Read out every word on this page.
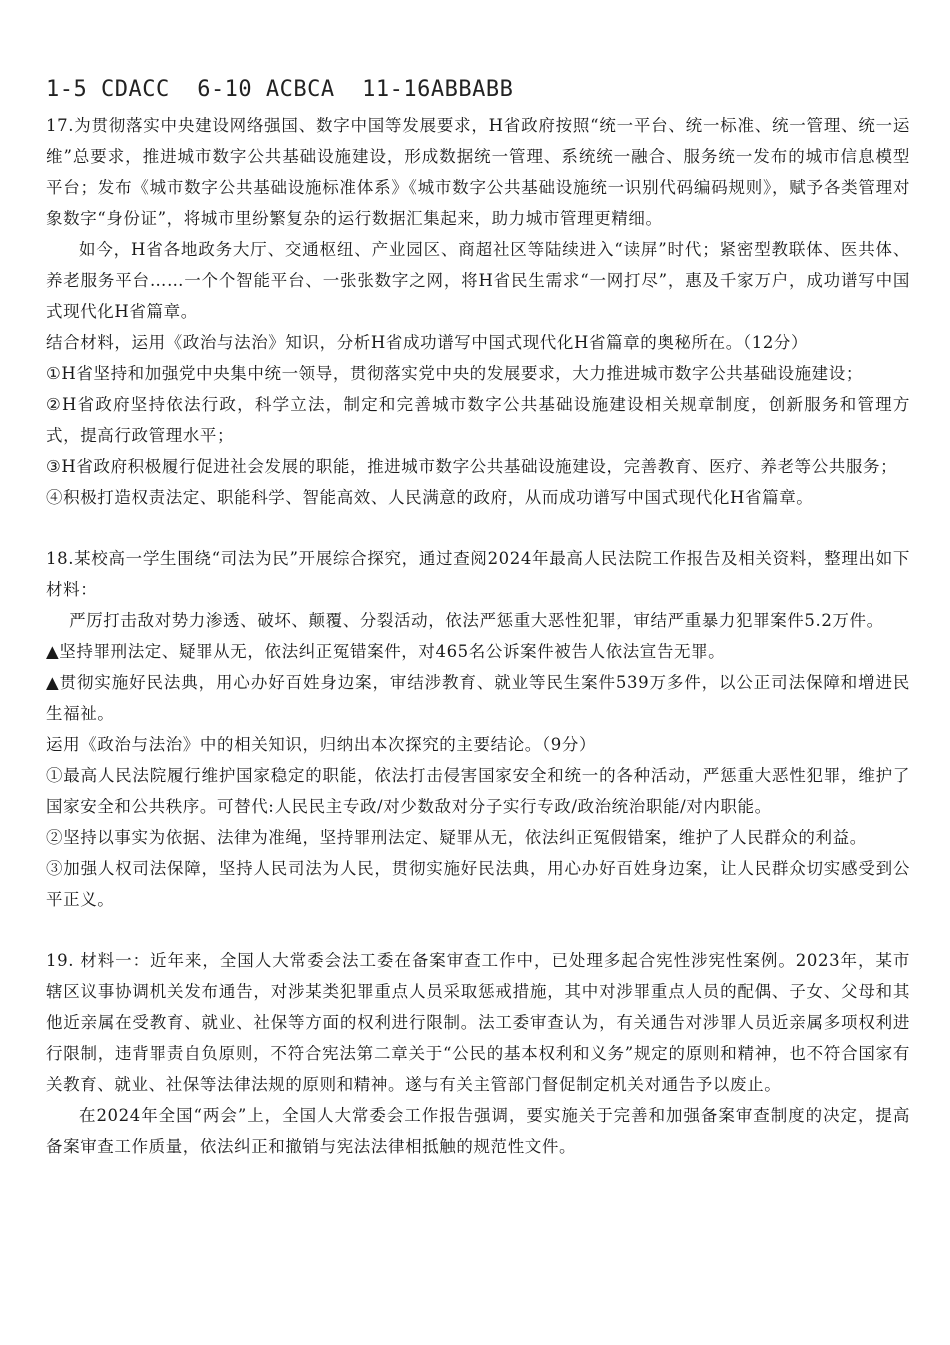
1-5 CDACC  6-10 ACBCA  11-16ABBABB

17.为贯彻落实中央建设网络强国、数字中国等发展要求，H省政府按照“统一平台、统一标准、统一管理、统一运维”总要求，推进城市数字公共基础设施建设，形成数据统一管理、系统统一融合、服务统一发布的城市信息模型平台；发布《城市数字公共基础设施标准体系》《城市数字公共基础设施统一识别代码编码规则》，赋予各类管理对象数字“身份证”，将城市里纷繁复杂的运行数据汇集起来，助力城市管理更精细。

如今，H省各地政务大厅、交通枢纽、产业园区、商超社区等陆续进入“读屏”时代；紧密型教联体、医共体、养老服务平台……一个个智能平台、一张张数字之网，将H省民生需求“一网打尽”，惠及千家万户，成功谱写中国式现代化H省篇章。

结合材料，运用《政治与法治》知识，分析H省成功谱写中国式现代化H省篇章的奥秘所在。（12分）

①H省坚持和加强党中央集中统一领导，贯彻落实党中央的发展要求，大力推进城市数字公共基础设施建设；

②H省政府坚持依法行政，科学立法，制定和完善城市数字公共基础设施建设相关规章制度，创新服务和管理方式，提高行政管理水平；

③H省政府积极履行促进社会发展的职能，推进城市数字公共基础设施建设，完善教育、医疗、养老等公共服务；

④积极打造权责法定、职能科学、智能高效、人民满意的政府，从而成功谱写中国式现代化H省篇章。

18.某校高一学生围绕“司法为民”开展综合探究，通过查阅2024年最高人民法院工作报告及相关资料，整理出如下材料：

严厉打击敌对势力渗透、破坏、颠覆、分裂活动，依法严惩重大恶性犯罪，审结严重暴力犯罪案件5.2万件。

▲坚持罪刑法定、疑罪从无，依法纠正冤错案件，对465名公诉案件被告人依法宣告无罪。

▲贯彻实施好民法典，用心办好百姓身边案，审结涉教育、就业等民生案件539万多件，以公正司法保障和增进民生福祉。

运用《政治与法治》中的相关知识，归纳出本次探究的主要结论。（9分）

①最高人民法院履行维护国家稳定的职能，依法打击侵害国家安全和统一的各种活动，严惩重大恶性犯罪，维护了国家安全和公共秩序。可替代:人民民主专政/对少数敌对分子实行专政/政治统治职能/对内职能。

②坚持以事实为依据、法律为准绳，坚持罪刑法定、疑罪从无，依法纠正冤假错案，维护了人民群众的利益。

③加强人权司法保障，坚持人民司法为人民，贯彻实施好民法典，用心办好百姓身边案，让人民群众切实感受到公平正义。

19. 材料一：近年来，全国人大常委会法工委在备案审查工作中，已处理多起合宪性涉宪性案例。2023年，某市辖区议事协调机关发布通告，对涉某类犯罪重点人员采取惩戒措施，其中对涉罪重点人员的配偶、子女、父母和其他近亲属在受教育、就业、社保等方面的权利进行限制。法工委审查认为，有关通告对涉罪人员近亲属多项权利进行限制，违背罪责自负原则，不符合宪法第二章关于“公民的基本权利和义务”规定的原则和精神，也不符合国家有关教育、就业、社保等法律法规的原则和精神。遂与有关主管部门督促制定机关对通告予以废止。

在2024年全国“两会”上，全国人大常委会工作报告强调，要实施关于完善和加强备案审查制度的决定，提高备案审查工作质量，依法纠正和撤销与宪法法律相抵触的规范性文件。
